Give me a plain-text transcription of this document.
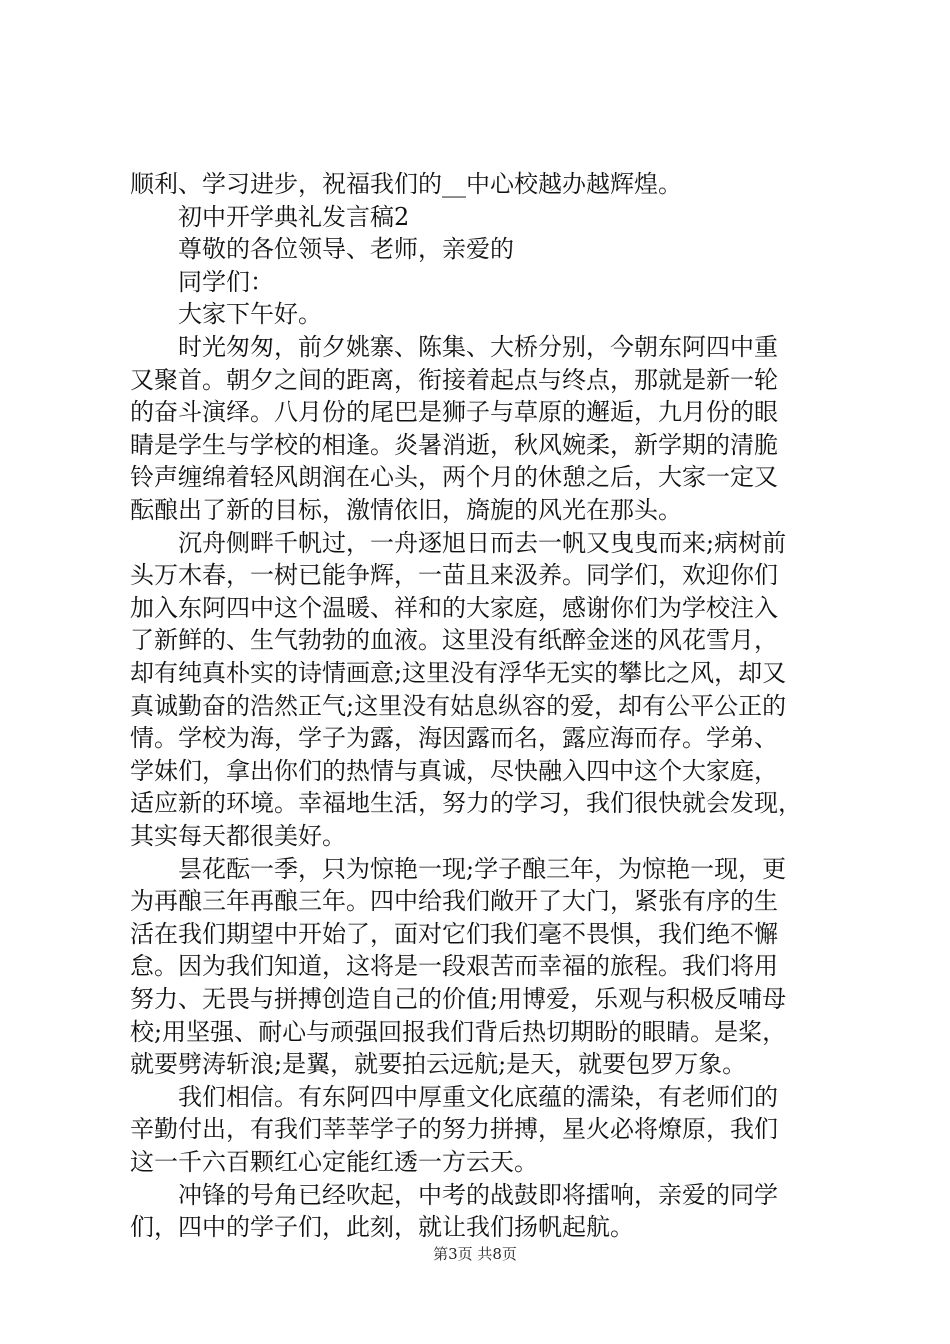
顺利、学习进步，祝福我们的__中心校越办越辉煌。
初中开学典礼发言稿2
尊敬的各位领导、老师，亲爱的
同学们：
大家下午好。
时光匆匆，前夕姚寨、陈集、大桥分别，今朝东阿四中重
又聚首。朝夕之间的距离，衔接着起点与终点，那就是新一轮
的奋斗演绎。八月份的尾巴是狮子与草原的邂逅，九月份的眼
睛是学生与学校的相逢。炎暑消逝，秋风婉柔，新学期的清脆
铃声缠绵着轻风朗润在心头，两个月的休憩之后，大家一定又
酝酿出了新的目标，激情依旧，旖旎的风光在那头。
沉舟侧畔千帆过，一舟逐旭日而去一帆又曳曳而来;病树前
头万木春，一树已能争辉，一苗且来汲养。同学们，欢迎你们
加入东阿四中这个温暖、祥和的大家庭，感谢你们为学校注入
了新鲜的、生气勃勃的血液。这里没有纸醉金迷的风花雪月，
却有纯真朴实的诗情画意;这里没有浮华无实的攀比之风，却又
真诚勤奋的浩然正气;这里没有姑息纵容的爱，却有公平公正的
情。学校为海，学子为露，海因露而名，露应海而存。学弟、
学妹们，拿出你们的热情与真诚，尽快融入四中这个大家庭，
适应新的环境。幸福地生活，努力的学习，我们很快就会发现，
其实每天都很美好。
昙花酝一季，只为惊艳一现;学子酿三年，为惊艳一现，更
为再酿三年再酿三年。四中给我们敞开了大门，紧张有序的生
活在我们期望中开始了，面对它们我们毫不畏惧，我们绝不懈
怠。因为我们知道，这将是一段艰苦而幸福的旅程。我们将用
努力、无畏与拼搏创造自己的价值;用博爱，乐观与积极反哺母
校;用坚强、耐心与顽强回报我们背后热切期盼的眼睛。是桨，
就要劈涛斩浪;是翼，就要拍云远航;是天，就要包罗万象。
我们相信。有东阿四中厚重文化底蕴的濡染，有老师们的
辛勤付出，有我们莘莘学子的努力拼搏，星火必将燎原，我们
这一千六百颗红心定能红透一方云天。
冲锋的号角已经吹起，中考的战鼓即将擂响，亲爱的同学
们，四中的学子们，此刻，就让我们扬帆起航。
第3页 共8页
